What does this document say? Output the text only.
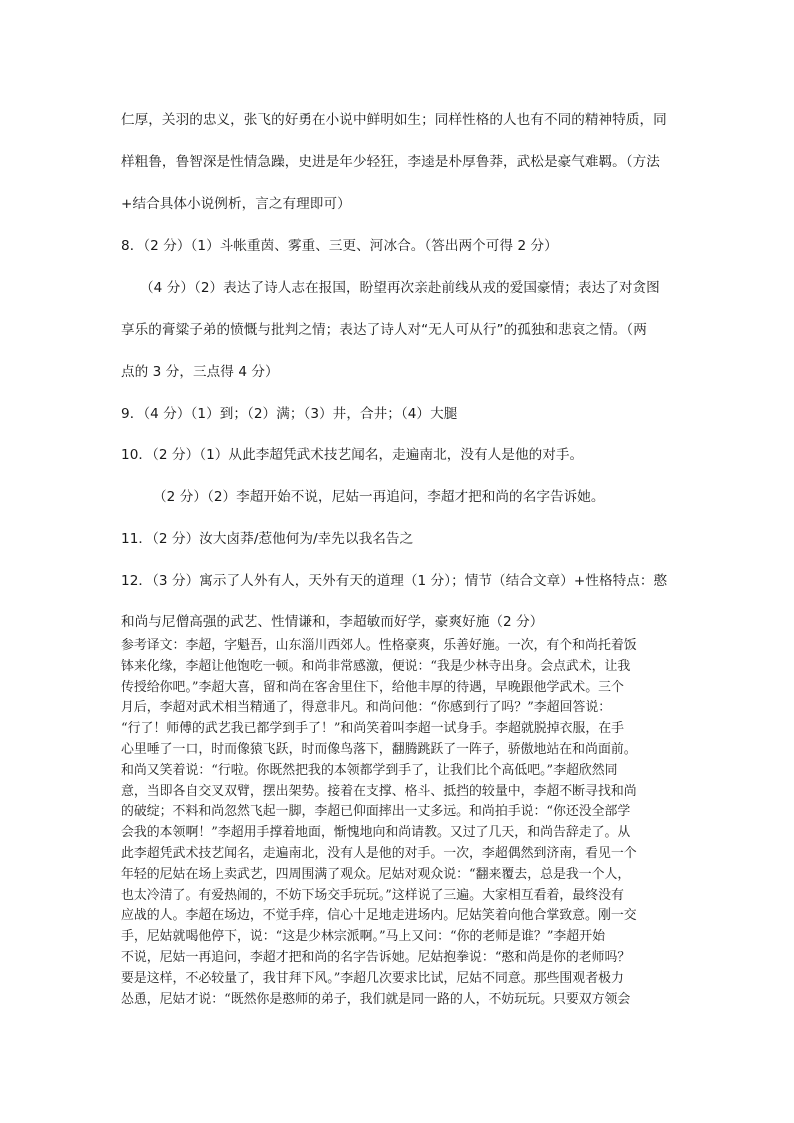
仁厚，关羽的忠义，张飞的好勇在小说中鲜明如生；同样性格的人也有不同的精神特质，同
样粗鲁，鲁智深是性情急躁，史进是年少轻狂，李逵是朴厚鲁莽，武松是豪气难羁。（方法
+结合具体小说例析，言之有理即可）
8．（2 分）（1）斗帐重茵、雾重、三更、河冰合。（答出两个可得 2 分）
（4 分）（2）表达了诗人志在报国，盼望再次亲赴前线从戎的爱国豪情；表达了对贪图
享乐的膏粱子弟的愤慨与批判之情；表达了诗人对“无人可从行”的孤独和悲哀之情。（两
点的 3 分，三点得 4 分）
9．（4 分）（1）到；（2）满；（3）井，合井；（4）大腿
10．（2 分）（1）从此李超凭武术技艺闻名，走遍南北，没有人是他的对手。
（2 分）（2）李超开始不说，尼姑一再追问，李超才把和尚的名字告诉她。
11．（2 分）汝大卤莽/惹他何为/幸先以我名告之
12．（3 分）寓示了人外有人，天外有天的道理（1 分）；情节（结合文章）+性格特点：憨
和尚与尼僧高强的武艺、性情谦和，李超敏而好学，豪爽好施（2 分）
参考译文：李超，字魁吾，山东淄川西郊人。性格豪爽，乐善好施。一次，有个和尚托着饭
钵来化缘，李超让他饱吃一顿。和尚非常感激，便说：“我是少林寺出身。会点武术，让我
传授给你吧。”李超大喜，留和尚在客舍里住下，给他丰厚的待遇，早晚跟他学武术。三个
月后，李超对武术相当精通了，得意非凡。和尚问他：“你感到行了吗？”李超回答说：
“行了！师傅的武艺我已都学到手了！”和尚笑着叫李超一试身手。李超就脱掉衣服，在手
心里唾了一口，时而像猿飞跃，时而像鸟落下，翻腾跳跃了一阵子，骄傲地站在和尚面前。
和尚又笑着说：“行啦。你既然把我的本领都学到手了，让我们比个高低吧。”李超欣然同
意，当即各自交叉双臂，摆出架势。接着在支撑、格斗、抵挡的较量中，李超不断寻找和尚
的破绽；不料和尚忽然飞起一脚，李超已仰面摔出一丈多远。和尚拍手说：“你还没全部学
会我的本领啊！”李超用手撑着地面，惭愧地向和尚请教。又过了几天，和尚告辞走了。从
此李超凭武术技艺闻名，走遍南北，没有人是他的对手。一次，李超偶然到济南，看见一个
年轻的尼姑在场上卖武艺，四周围满了观众。尼姑对观众说：“翻来覆去，总是我一个人，
也太冷清了。有爱热闹的，不妨下场交手玩玩。”这样说了三遍。大家相互看着，最终没有
应战的人。李超在场边，不觉手痒，信心十足地走进场内。尼姑笑着向他合掌致意。刚一交
手，尼姑就喝他停下，说：“这是少林宗派啊。”马上又问：“你的老师是谁？”李超开始
不说，尼姑一再追问，李超才把和尚的名字告诉她。尼姑抱拳说：“憨和尚是你的老师吗？
要是这样，不必较量了，我甘拜下风。”李超几次要求比试，尼姑不同意。那些围观者极力
怂恿，尼姑才说：“既然你是憨师的弟子，我们就是同一路的人，不妨玩玩。只要双方领会
